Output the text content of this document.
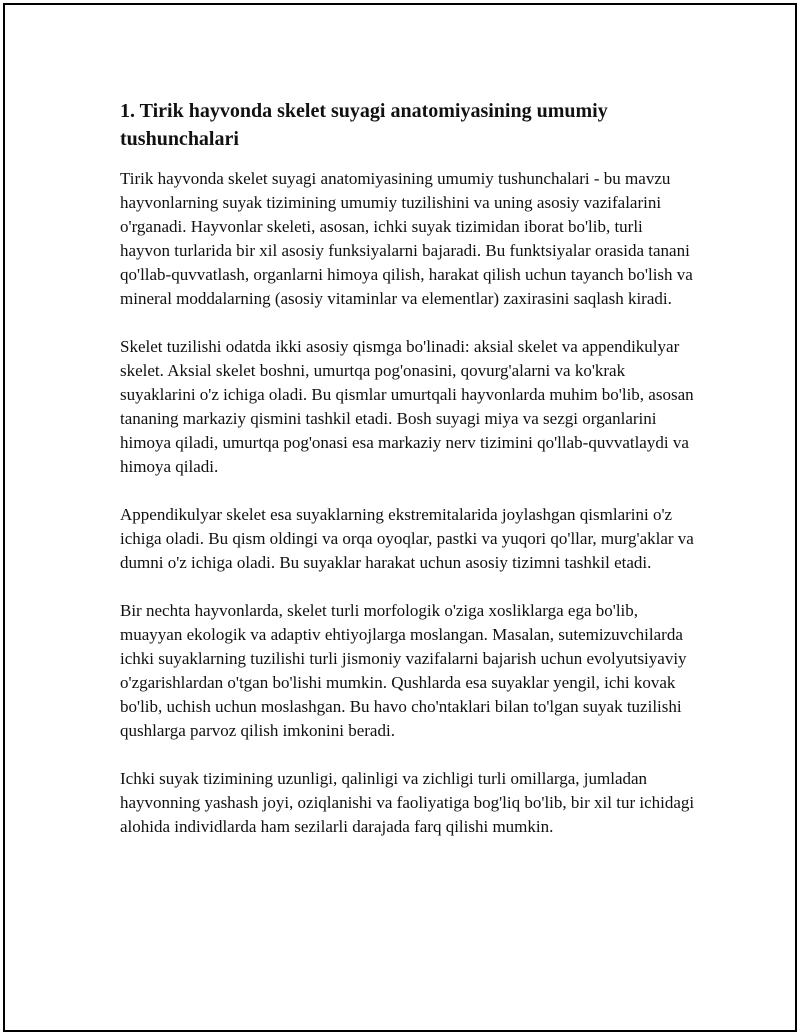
1. Tirik hayvonda skelet suyagi anatomiyasining umumiy tushunchalari

Tirik hayvonda skelet suyagi anatomiyasining umumiy tushunchalari - bu mavzu hayvonlarning suyak tizimining umumiy tuzilishini va uning asosiy vazifalarini o'rganadi. Hayvonlar skeleti, asosan, ichki suyak tizimidan iborat bo'lib, turli hayvon turlarida bir xil asosiy funksiyalarni bajaradi. Bu funktsiyalar orasida tanani qo'llab-quvvatlash, organlarni himoya qilish, harakat qilish uchun tayanch bo'lish va mineral moddalarning (asosiy vitaminlar va elementlar) zaxirasini saqlash kiradi.

Skelet tuzilishi odatda ikki asosiy qismga bo'linadi: aksial skelet va appendikulyar skelet. Aksial skelet boshni, umurtqa pog'onasini, qovurg'alarni va ko'krak suyaklarini o'z ichiga oladi. Bu qismlar umurtqali hayvonlarda muhim bo'lib, asosan tananing markaziy qismini tashkil etadi. Bosh suyagi miya va sezgi organlarini himoya qiladi, umurtqa pog'onasi esa markaziy nerv tizimini qo'llab-quvvatlaydi va himoya qiladi.

Appendikulyar skelet esa suyaklarning ekstremitalarida joylashgan qismlarini o'z ichiga oladi. Bu qism oldingi va orqa oyoqlar, pastki va yuqori qo'llar, murg'aklar va dumni o'z ichiga oladi. Bu suyaklar harakat uchun asosiy tizimni tashkil etadi.

Bir nechta hayvonlarda, skelet turli morfologik o'ziga xosliklarga ega bo'lib, muayyan ekologik va adaptiv ehtiyojlarga moslangan. Masalan, sutemizuvchilarda ichki suyaklarning tuzilishi turli jismoniy vazifalarni bajarish uchun evolyutsiyaviy o'zgarishlardan o'tgan bo'lishi mumkin. Qushlarda esa suyaklar yengil, ichi kovak bo'lib, uchish uchun moslashgan. Bu havo cho'ntaklari bilan to'lgan suyak tuzilishi qushlarga parvoz qilish imkonini beradi.

Ichki suyak tizimining uzunligi, qalinligi va zichligi turli omillarga, jumladan hayvonning yashash joyi, oziqlanishi va faoliyatiga bog'liq bo'lib, bir xil tur ichidagi alohida individlarda ham sezilarli darajada farq qilishi mumkin.
